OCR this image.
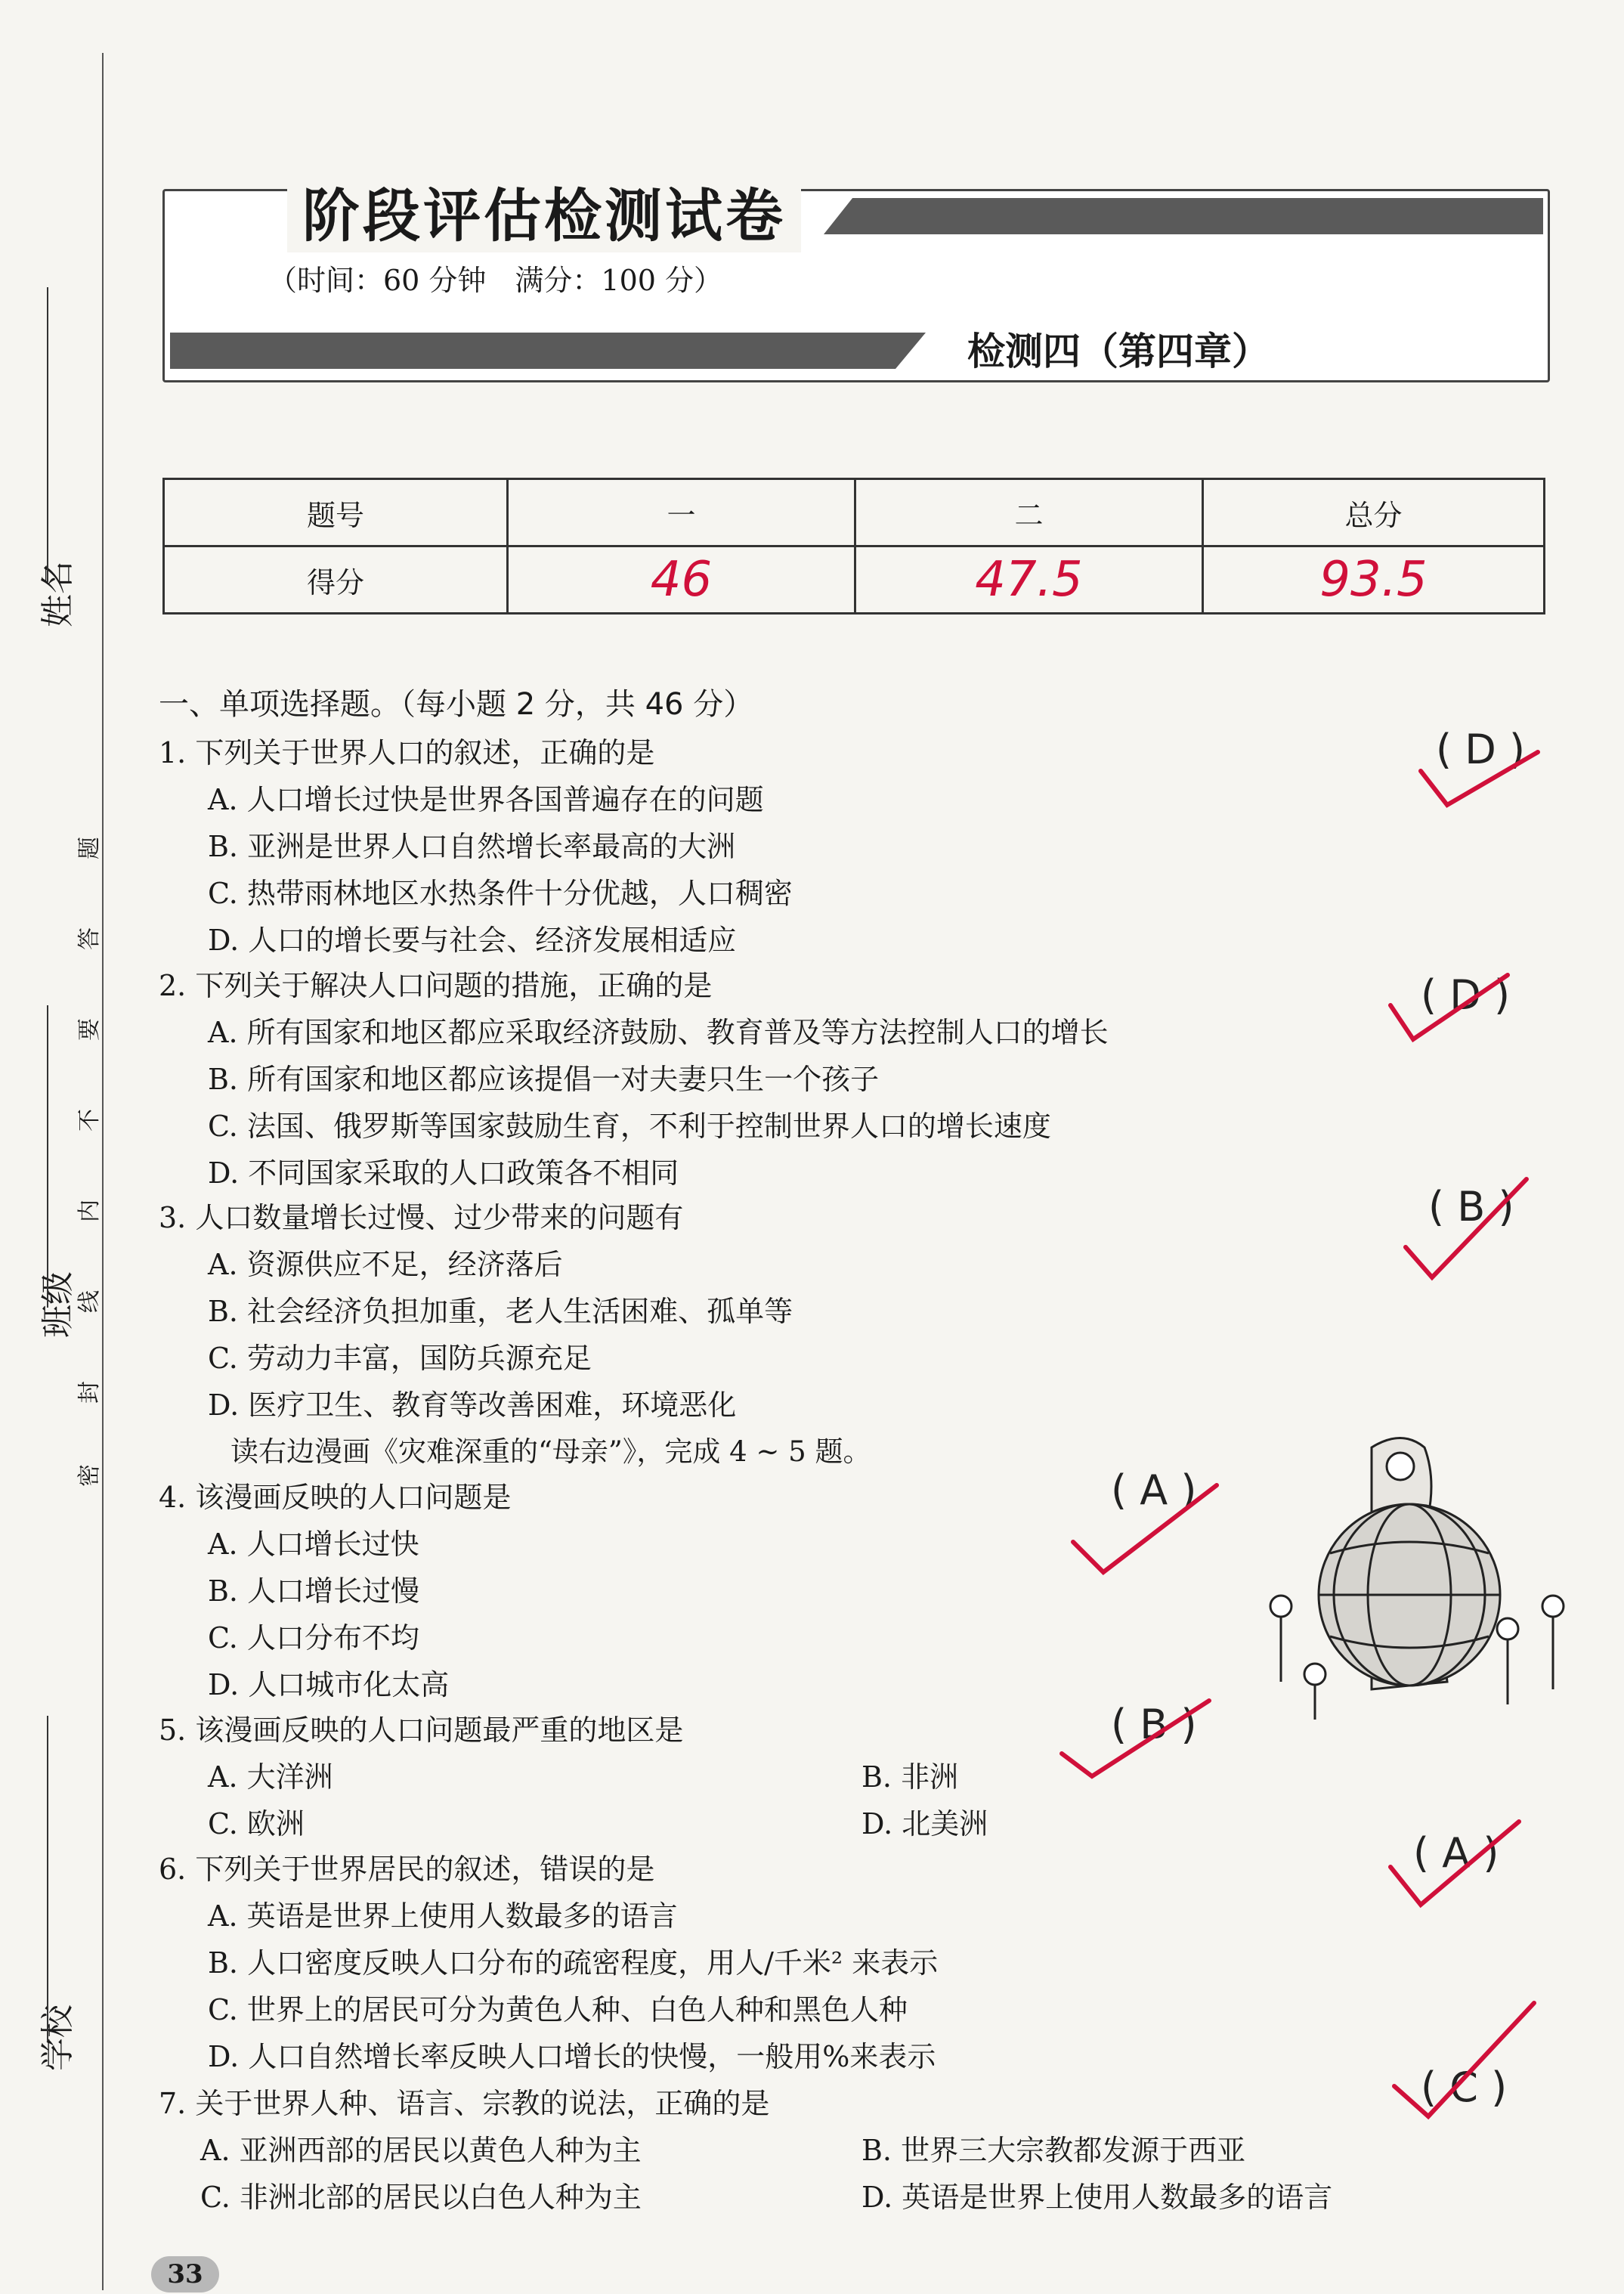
姓名
班级
学校
密
封
线
内
不
要
答
题
阶段评估检测试卷
（时间：60 分钟　满分：100 分）
检测四（第四章）
题号	一	二	总分
得分	46	47.5	93.5
一、单项选择题。（每小题 2 分，共 46 分）
1. 下列关于世界人口的叙述，正确的是
A. 人口增长过快是世界各国普遍存在的问题
B. 亚洲是世界人口自然增长率最高的大洲
C. 热带雨林地区水热条件十分优越，人口稠密
D. 人口的增长要与社会、经济发展相适应
( D )
2. 下列关于解决人口问题的措施，正确的是
A. 所有国家和地区都应采取经济鼓励、教育普及等方法控制人口的增长
B. 所有国家和地区都应该提倡一对夫妻只生一个孩子
C. 法国、俄罗斯等国家鼓励生育，不利于控制世界人口的增长速度
D. 不同国家采取的人口政策各不相同
( D )
3. 人口数量增长过慢、过少带来的问题有
A. 资源供应不足，经济落后
B. 社会经济负担加重，老人生活困难、孤单等
C. 劳动力丰富，国防兵源充足
D. 医疗卫生、教育等改善困难，环境恶化
( B )
读右边漫画《灾难深重的“母亲”》，完成 4 ~ 5 题。
4. 该漫画反映的人口问题是
A. 人口增长过快
B. 人口增长过慢
C. 人口分布不均
D. 人口城市化太高
( A )
5. 该漫画反映的人口问题最严重的地区是
A. 大洋洲	B. 非洲
C. 欧洲	D. 北美洲
( B )
6. 下列关于世界居民的叙述，错误的是
A. 英语是世界上使用人数最多的语言
B. 人口密度反映人口分布的疏密程度，用人/千米² 来表示
C. 世界上的居民可分为黄色人种、白色人种和黑色人种
D. 人口自然增长率反映人口增长的快慢，一般用%来表示
( A )
7. 关于世界人种、语言、宗教的说法，正确的是
A. 亚洲西部的居民以黄色人种为主	B. 世界三大宗教都发源于西亚
C. 非洲北部的居民以白色人种为主	D. 英语是世界上使用人数最多的语言
( C )
33
